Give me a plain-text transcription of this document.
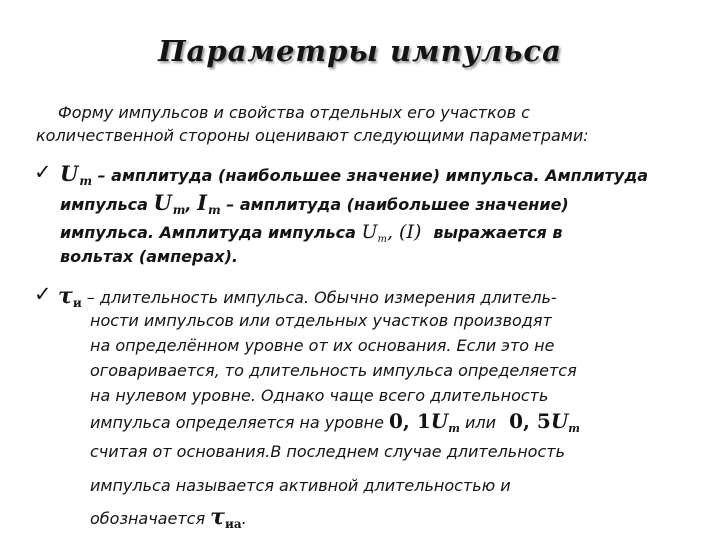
Параметры импульса
Форму импульсов и свойства отдельных его участков с
количественной стороны оценивают следующими параметрами:
✓ $U_m$ – амплитуда (наибольшее значение) импульса. Амплитуда
импульса $U_m$, $I_m$ – амплитуда (наибольшее значение)
импульса. Амплитуда импульса $U_m$, (I) выражается в
вольтах (амперах).
✓ $\tau_и$ – длительность импульса. Обычно измерения длитель-
ности импульсов или отдельных участков производят
на определённом уровне от их основания. Если это не
оговаривается, то длительность импульса определяется
на нулевом уровне. Однако чаще всего длительность
импульса определяется на уровне 0, $1U_m$ или 0, $5U_m$
считая от основания.В последнем случае длительность
импульса называется активной длительностью и
обозначается $\tau_{иа}$.
